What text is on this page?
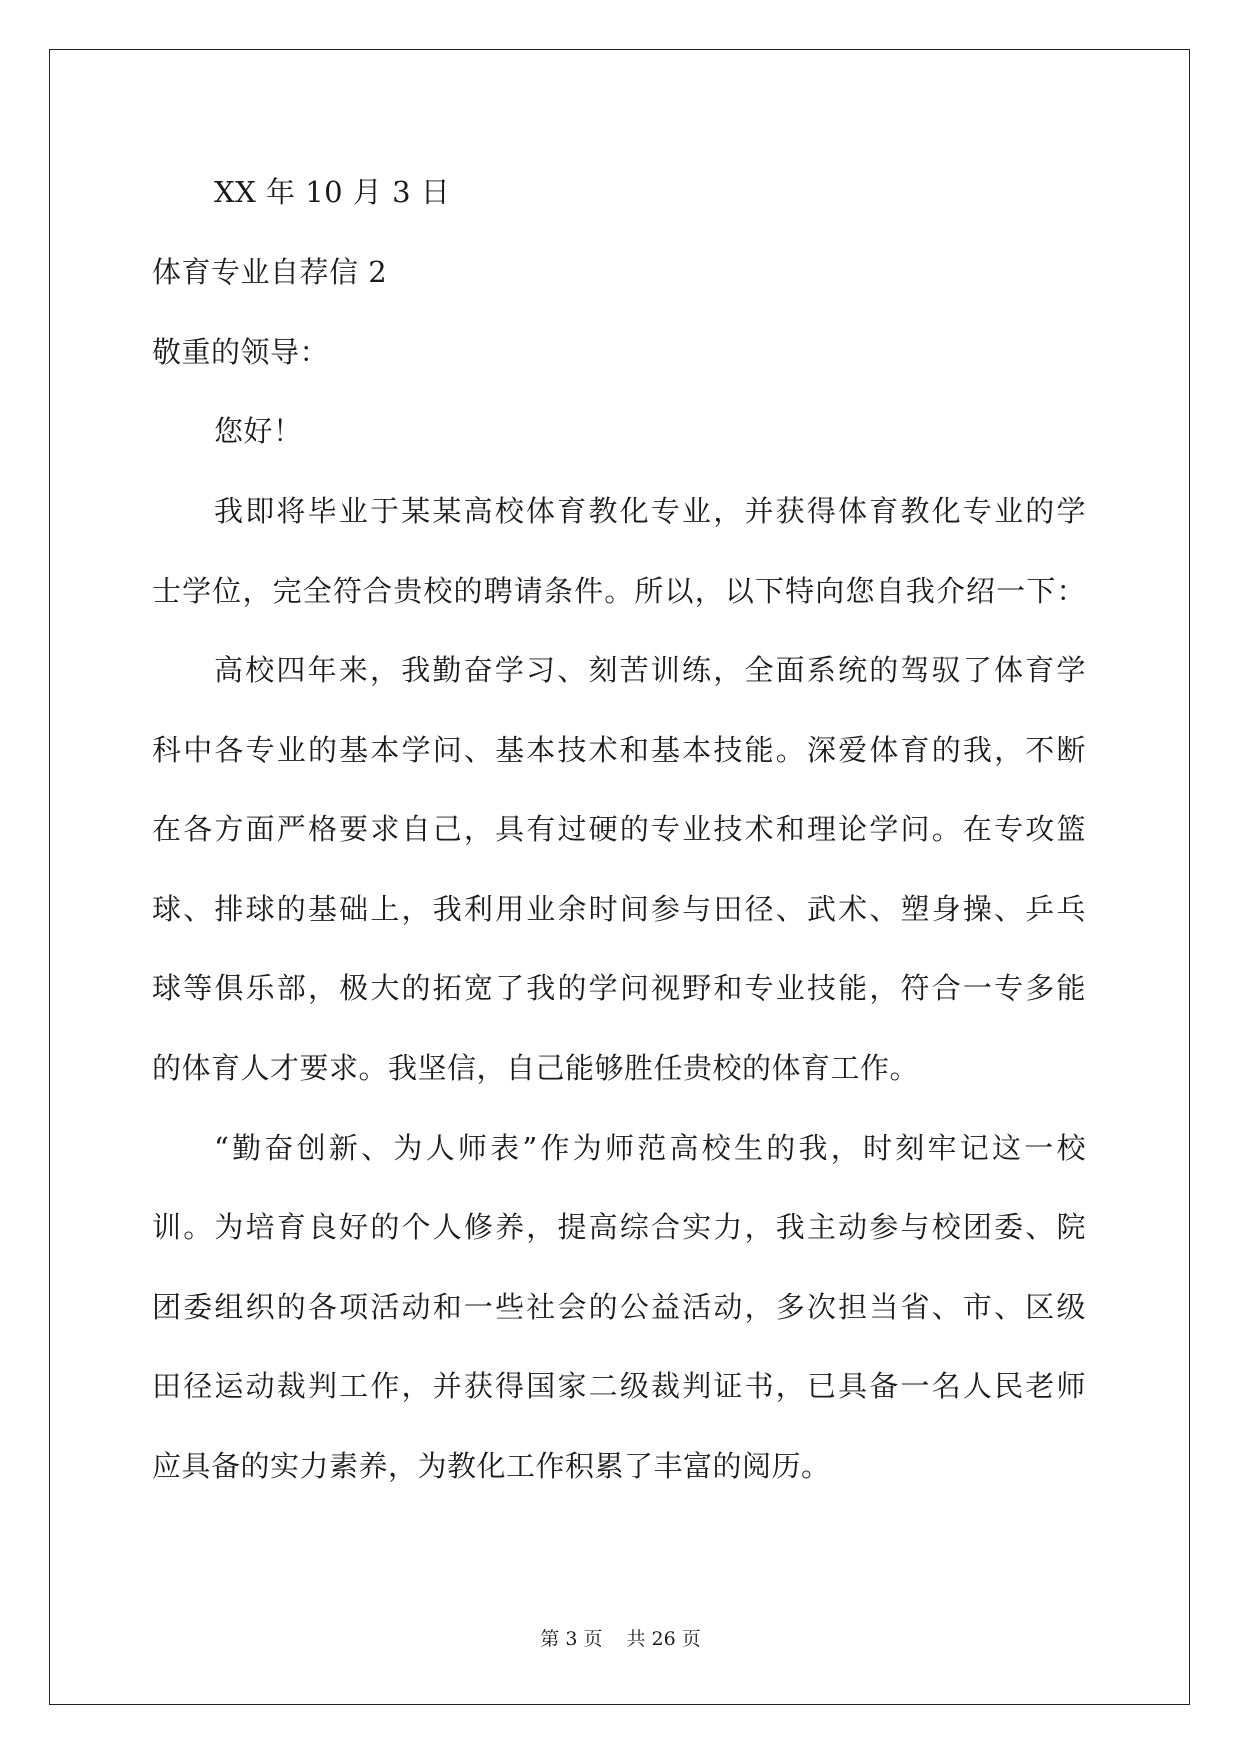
XX 年 10 月 3 日
体育专业自荐信 2
敬重的领导：
您好！
我即将毕业于某某高校体育教化专业，并获得体育教化专业的学
士学位，完全符合贵校的聘请条件。所以，以下特向您自我介绍一下：
高校四年来，我勤奋学习、刻苦训练，全面系统的驾驭了体育学
科中各专业的基本学问、基本技术和基本技能。深爱体育的我，不断
在各方面严格要求自己，具有过硬的专业技术和理论学问。在专攻篮
球、排球的基础上，我利用业余时间参与田径、武术、塑身操、乒乓
球等俱乐部，极大的拓宽了我的学问视野和专业技能，符合一专多能
的体育人才要求。我坚信，自己能够胜任贵校的体育工作。
“勤奋创新、为人师表”作为师范高校生的我，时刻牢记这一校
训。为培育良好的个人修养，提高综合实力，我主动参与校团委、院
团委组织的各项活动和一些社会的公益活动，多次担当省、市、区级
田径运动裁判工作，并获得国家二级裁判证书，已具备一名人民老师
应具备的实力素养，为教化工作积累了丰富的阅历。
第 3 页 共 26 页
